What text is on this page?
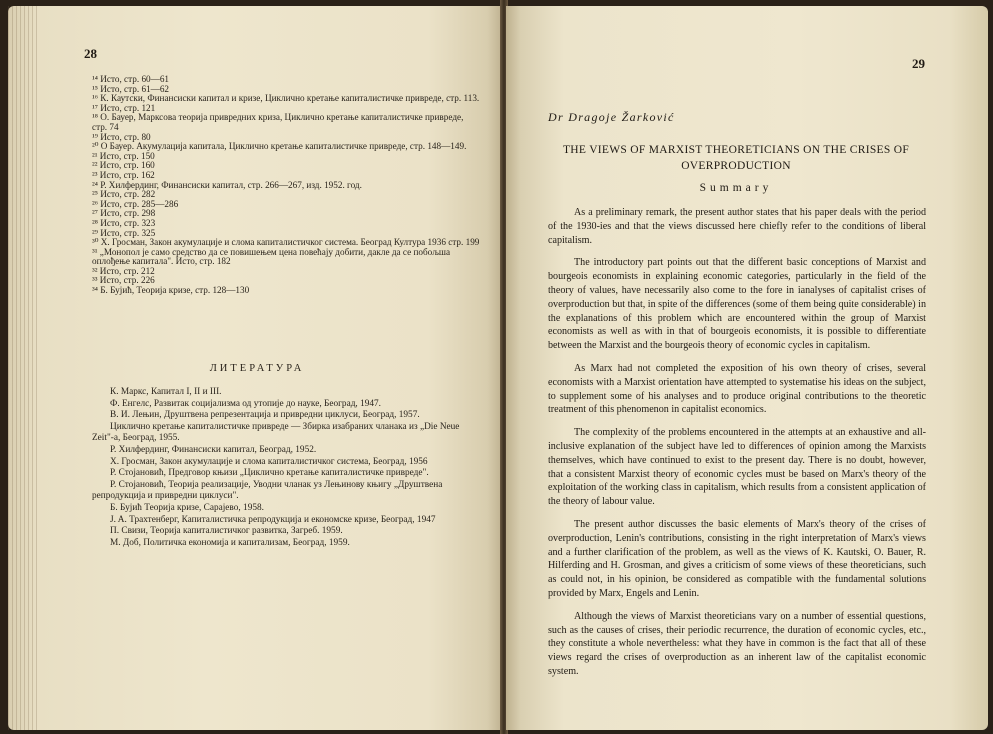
28

¹⁴ Исто, стр. 60—61

¹⁵ Исто, стр. 61—62

¹⁶ К. Каутски, Финансиски капитал и кризе, Циклично кретање капиталистичке привреде, стр. 113.

¹⁷ Исто, стр. 121

¹⁸ О. Бауер, Марксова теорија привредних криза, Циклично кретање капиталистичке привреде, стр. 74

¹⁹ Исто, стр. 80

²⁰ О Бауер. Акумулација капитала, Циклично кретање капиталистичке привреде, стр. 148—149.

²¹ Исто, стр. 150

²² Исто, стр. 160

²³ Исто, стр. 162

²⁴ Р. Хилфердинг, Финансиски капитал, стр. 266—267, изд. 1952. год.

²⁵ Исто, стр. 282

²⁶ Исто, стр. 285—286

²⁷ Исто, стр. 298

²⁸ Исто, стр. 323

²⁹ Исто, стр. 325

³⁰ Х. Гросман, Закон акумулације и слома капиталистичког система. Београд Култура 1936 стр. 199

³¹ „Монопол је само средство да се повишењем цена повећају добити, дакле да се побољша оплођење капитала". Исто, стр. 182

³² Исто, стр. 212

³³ Исто, стр. 226

³⁴ Б. Бујић, Теорија кризе, стр. 128—130

ЛИТЕРАТУРА

К. Маркс, Капитал I, II и III.

Ф. Енгелс, Развитак социјализма од утопије до науке, Београд, 1947.

В. И. Лењин, Друштвена репрезентација и привредни циклуси, Београд, 1957.

Циклично кретање капиталистичке привреде — Збирка изабраних чланака из „Die Neue Zeit"-а, Београд, 1955.

Р. Хилфердинг, Финансиски капитал, Београд, 1952.

Х. Гросман, Закон акумулације и слома капиталистичког система, Београд, 1956

Р. Стојановић, Предговор књизи „Циклично кретање капиталистичке привреде".

Р. Стојановић, Теорија реализације, Уводни чланак уз Лењинову књигу „Друштвена репродукција и привредни циклуси".

Б. Бујић Теорија кризе, Сарајево, 1958.

J. A. Трахтенберг, Капиталистичка репродукција и економске кризе, Београд, 1947

П. Свизи, Теорија капиталистичког развитка, Загреб. 1959.

М. Доб, Политичка економија и капитализам, Београд, 1959.

29
Dr Dragoje Žarković
THE VIEWS OF MARXIST THEORETICIANS ON THE CRISES OF
OVERPRODUCTION
Summary

As a preliminary remark, the present author states that his paper deals with the period of the 1930-ies and that the views discussed here chiefly refer to the conditions of liberal capitalism.

The introductory part points out that the different basic conceptions of Marxist and bourgeois economists in explaining economic categories, particularly in the field of the theory of values, have necessarily also come to the fore in ianalyses of capitalist crises of overproduction but that, in spite of the differences (some of them being quite considerable) in the explanations of this problem which are encountered within the group of Marxist economists as well as with in that of bourgeois economists, it is possible to differentiate between the Marxist and the bourgeois theory of economic cycles in capitalism.

As Marx had not completed the exposition of his own theory of crises, several economists with a Marxist orientation have attempted to systematise his ideas on the subject, to supplement some of his analyses and to produce original contributions to the theoretic treatment of this phenomenon in capitalist economics.

The complexity of the problems encountered in the attempts at an exhaustive and all-inclusive explanation of the subject have led to differences of opinion among the Marxists themselves, which have continued to exist to the present day. There is no doubt, however, that a consistent Marxist theory of economic cycles must be based on Marx's theory of the exploitation of the working class in capitalism, which results from a consistent application of the theory of labour value.

The present author discusses the basic elements of Marx's theory of the crises of overproduction, Lenin's contributions, consisting in the right interpretation of Marx's views and a further clarification of the problem, as well as the views of K. Kautski, O. Bauer, R. Hilferding and H. Grosman, and gives a criticism of some views of these theoreticians, such as could not, in his opinion, be considered as compatible with the fundamental solutions provided by Marx, Engels and Lenin.

Although the views of Marxist theoreticians vary on a number of essential questions, such as the causes of crises, their periodic recurrence, the duration of economic cycles, etc., they constitute a whole nevertheless: what they have in common is the fact that all of these views regard the crises of overproduction as an inherent law of the capitalist economic system.
